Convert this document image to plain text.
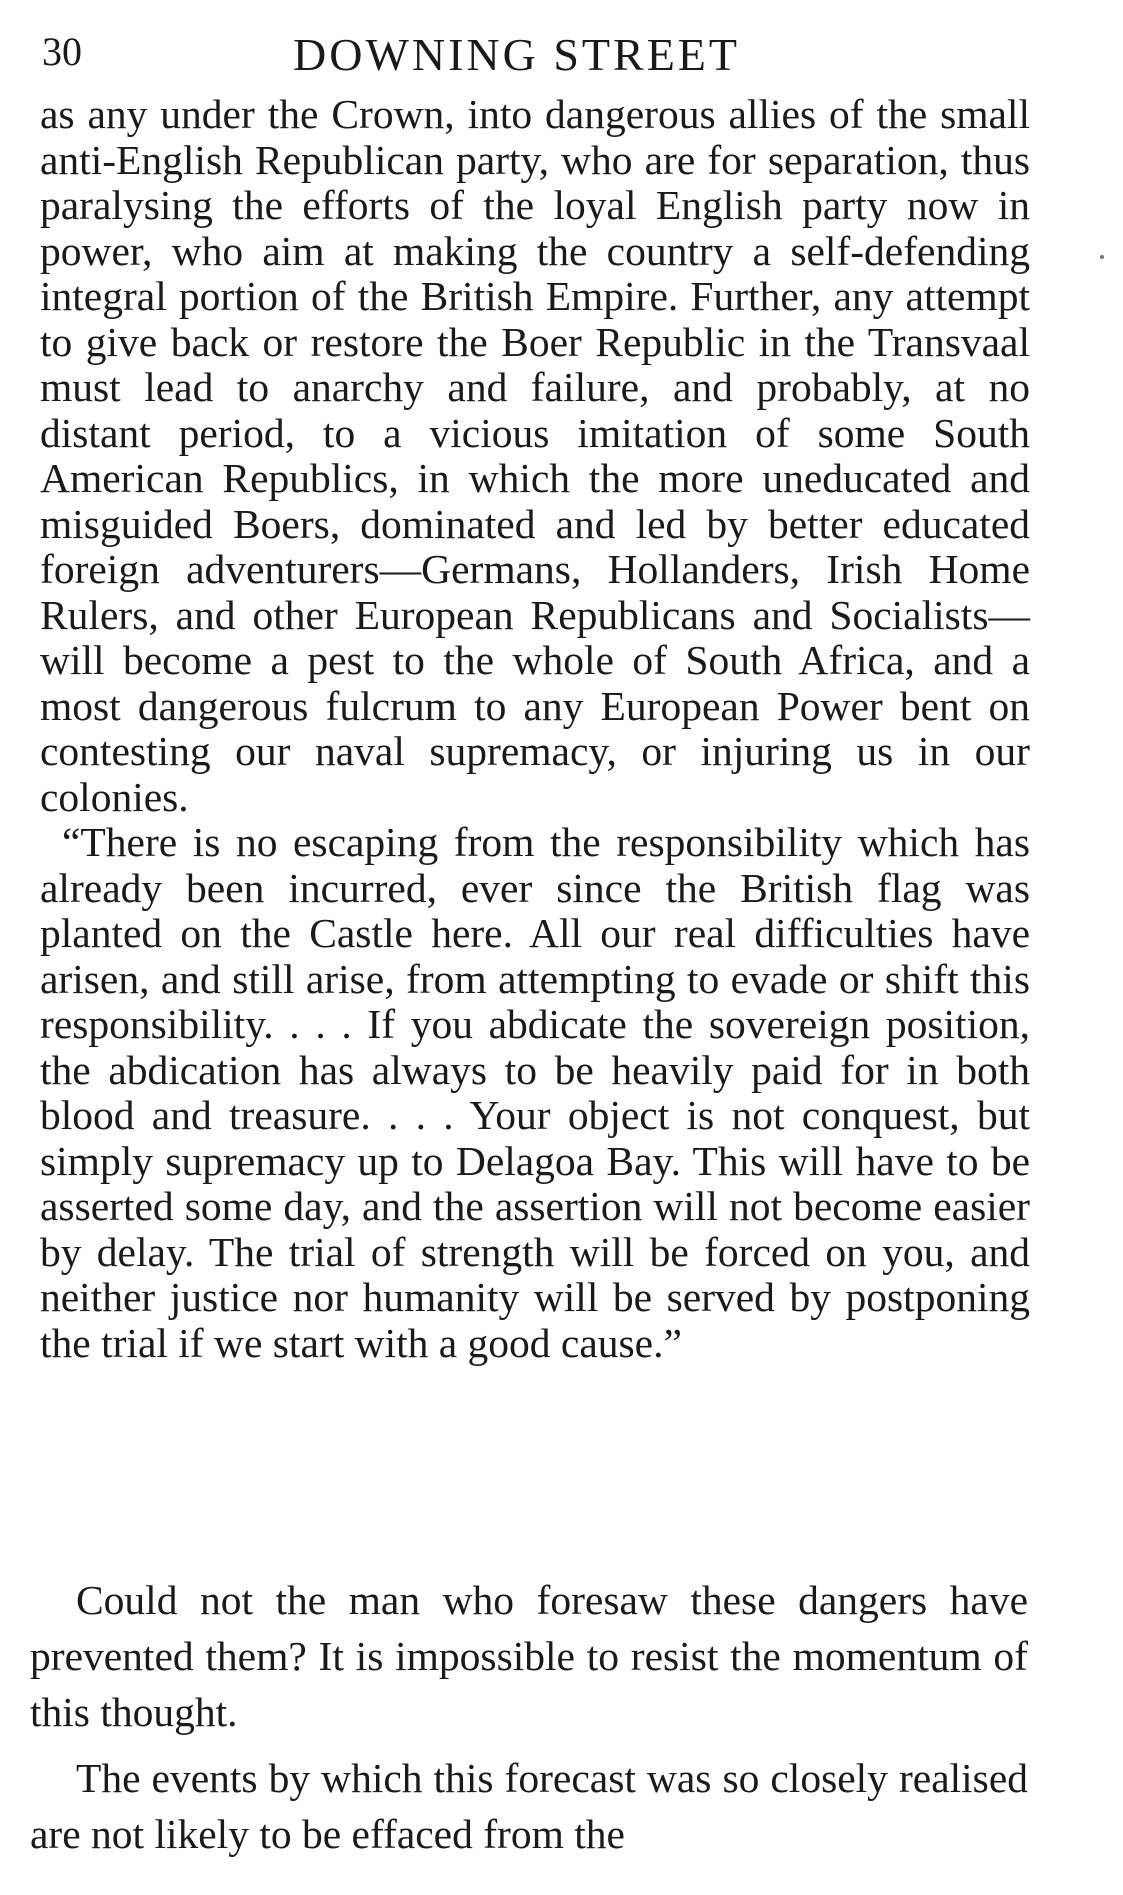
30	DOWNING STREET

as any under the Crown, into dangerous allies of the small anti-English Republican party, who are for separation, thus paralysing the efforts of the loyal English party now in power, who aim at making the country a self-defending integral portion of the British Empire. Further, any attempt to give back or restore the Boer Republic in the Transvaal must lead to anarchy and failure, and probably, at no distant period, to a vicious imitation of some South American Republics, in which the more uneducated and misguided Boers, dominated and led by better educated foreign adventurers—Germans, Hollanders, Irish Home Rulers, and other European Republicans and Socialists—will become a pest to the whole of South Africa, and a most dangerous fulcrum to any European Power bent on contesting our naval supremacy, or injuring us in our colonies.

“There is no escaping from the responsibility which has already been incurred, ever since the British flag was planted on the Castle here. All our real difficulties have arisen, and still arise, from attempting to evade or shift this responsibility. . . . If you abdicate the sovereign position, the abdication has always to be heavily paid for in both blood and treasure. . . . Your object is not conquest, but simply supremacy up to Delagoa Bay. This will have to be asserted some day, and the assertion will not become easier by delay. The trial of strength will be forced on you, and neither justice nor humanity will be served by postponing the trial if we start with a good cause.”

Could not the man who foresaw these dangers have prevented them? It is impossible to resist the momentum of this thought.

The events by which this forecast was so closely realised are not likely to be effaced from the
